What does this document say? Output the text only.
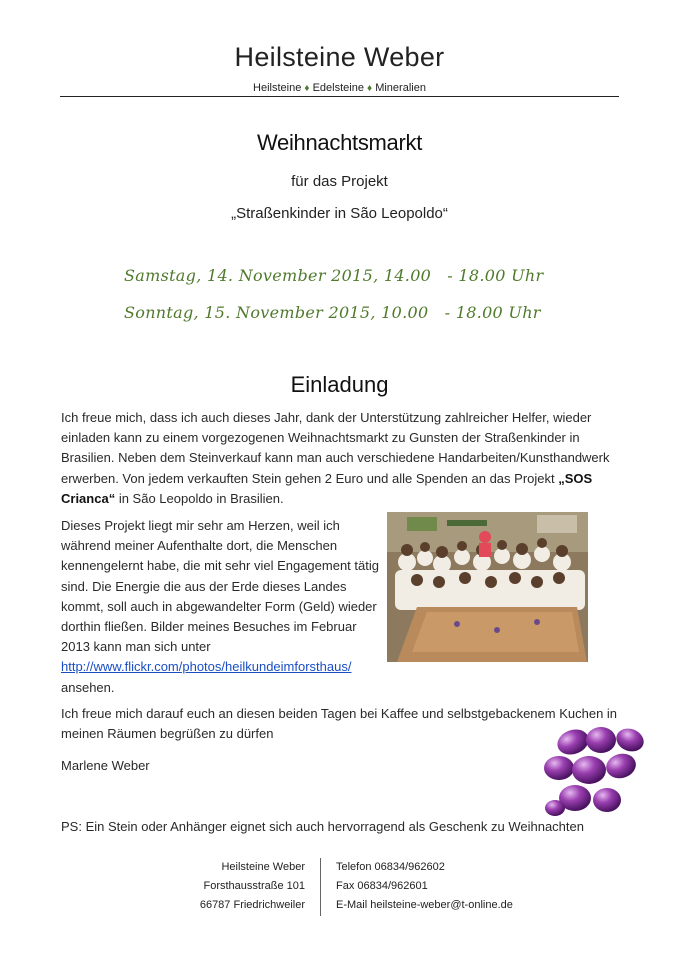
Heilsteine Weber
Heilsteine ♦ Edelsteine ♦ Mineralien
Weihnachtsmarkt
für das Projekt
„Straßenkinder in São Leopoldo“
Samstag, 14. November 2015, 14.00   - 18.00 Uhr
Sonntag, 15. November 2015, 10.00   - 18.00 Uhr
Einladung
Ich freue mich, dass ich auch dieses Jahr, dank der Unterstützung zahlreicher Helfer, wieder einladen kann zu einem vorgezogenen Weihnachtsmarkt zu Gunsten der Straßenkinder in Brasilien. Neben dem Steinverkauf kann man auch verschiedene Handarbeiten/Kunsthandwerk erwerben. Von jedem verkauften Stein gehen 2 Euro und alle Spenden an das Projekt „SOS Crianca“ in São Leopoldo in Brasilien.
Dieses Projekt liegt mir sehr am Herzen, weil ich während meiner Aufenthalte dort, die Menschen kennengelernt habe, die mit sehr viel Engagement tätig sind. Die Energie die aus der Erde dieses Landes kommt, soll auch in abgewandelter Form (Geld) wieder dorthin fließen. Bilder meines Besuches im Februar 2013 kann man sich unter
http://www.flickr.com/photos/heilkundeimforsthaus/
ansehen.
Ich freue mich darauf euch an diesen beiden Tagen bei Kaffee und selbstgebackenem Kuchen in meinen Räumen begrüßen zu dürfen
Marlene Weber
PS: Ein Stein oder Anhänger eignet sich auch hervorragend als Geschenk zu Weihnachten
Heilsteine Weber
Forsthausstraße 101
66787 Friedrichweiler
Telefon 06834/962602
Fax 06834/962601
E-Mail heilsteine-weber@t-online.de
